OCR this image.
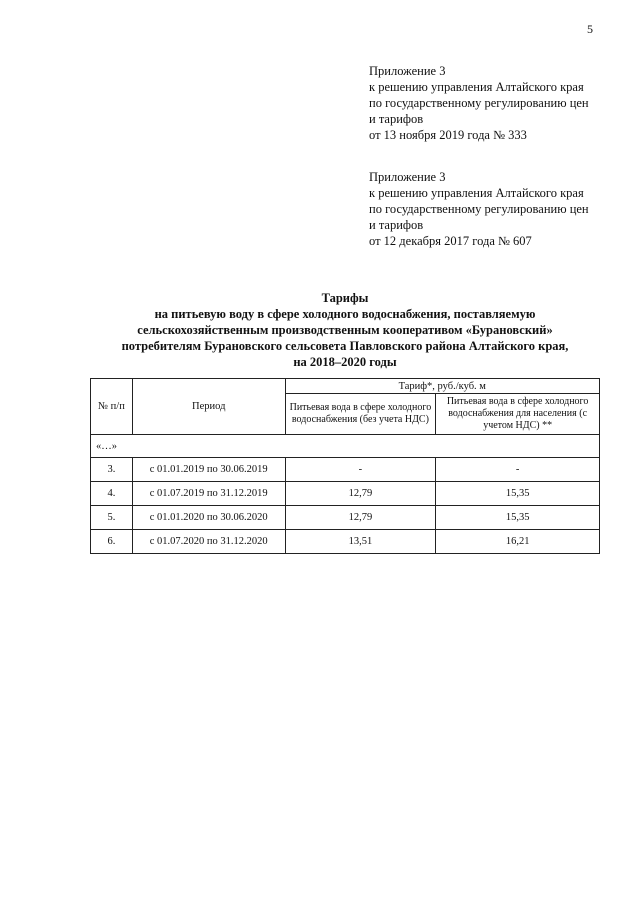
5
Приложение 3
к решению управления Алтайского края
по государственному регулированию цен
и тарифов
от 13 ноября 2019 года № 333
Приложение 3
к решению управления Алтайского края
по государственному регулированию цен
и тарифов
от 12 декабря 2017 года № 607
Тарифы
на питьевую воду в сфере холодного водоснабжения, поставляемую
сельскохозяйственным производственным кооперативом «Бурановский»
потребителям Бурановского сельсовета Павловского района Алтайского края,
на 2018–2020 годы
№ п/п	Период	Тариф*, руб./куб. м	
		Питьевая вода в сфере холодного водоснабжения (без учета НДС)	Питьевая вода в сфере холодного водоснабжения для населения (с учетом НДС) **
«…»			
3.	с 01.01.2019 по 30.06.2019	-	-
4.	с 01.07.2019 по 31.12.2019	12,79	15,35
5.	с 01.01.2020 по 30.06.2020	12,79	15,35
6.	с 01.07.2020 по 31.12.2020	13,51	16,21
